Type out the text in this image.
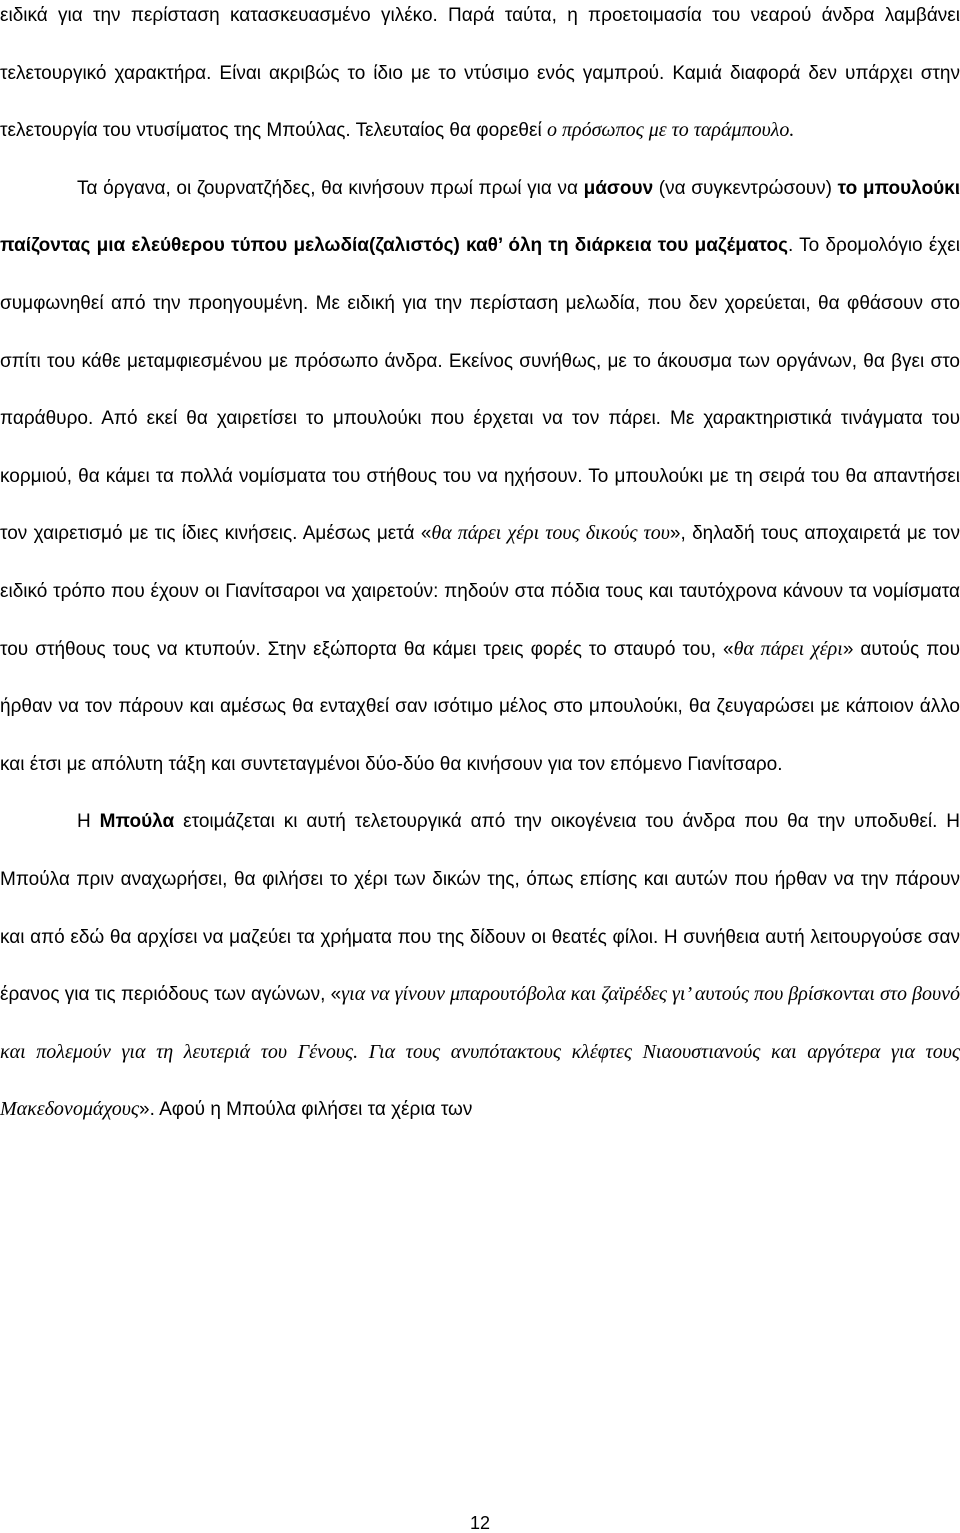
ειδικά για την περίσταση κατασκευασμένο γιλέκο. Παρά ταύτα, η προετοιμασία του νεαρού άνδρα λαμβάνει τελετουργικό χαρακτήρα. Είναι ακριβώς το ίδιο με το ντύσιμο ενός γαμπρού. Καμιά διαφορά δεν υπάρχει στην τελετουργία του ντυσίματος της Μπούλας. Τελευταίος θα φορεθεί ο πρόσωπος με το ταράμπουλο.

Τα όργανα, οι ζουρνατζήδες, θα κινήσουν πρωί πρωί για να μάσουν (να συγκεντρώσουν) το μπουλούκι παίζοντας μια ελεύθερου τύπου μελωδία(ζαλιστός) καθ’ όλη τη διάρκεια του μαζέματος. Το δρομολόγιο έχει συμφωνηθεί από την προηγουμένη. Με ειδική για την περίσταση μελωδία, που δεν χορεύεται, θα φθάσουν στο σπίτι του κάθε μεταμφιεσμένου με πρόσωπο άνδρα. Εκείνος συνήθως, με το άκουσμα των οργάνων, θα βγει στο παράθυρο. Από εκεί θα χαιρετίσει το μπουλούκι που έρχεται να τον πάρει. Με χαρακτηριστικά τινάγματα του κορμιού, θα κάμει τα πολλά νομίσματα του στήθους του να ηχήσουν. Το μπουλούκι με τη σειρά του θα απαντήσει τον χαιρετισμό με τις ίδιες κινήσεις. Αμέσως μετά «θα πάρει χέρι τους δικούς του», δηλαδή τους αποχαιρετά με τον ειδικό τρόπο που έχουν οι Γιανίτσαροι να χαιρετούν: πηδούν στα πόδια τους και ταυτόχρονα κάνουν τα νομίσματα του στήθους τους να κτυπούν. Στην εξώπορτα θα κάμει τρεις φορές το σταυρό του, «θα πάρει χέρι» αυτούς που ήρθαν να τον πάρουν και αμέσως θα ενταχθεί σαν ισότιμο μέλος στο μπουλούκι, θα ζευγαρώσει με κάποιον άλλο και έτσι με απόλυτη τάξη και συντεταγμένοι δύο-δύο θα κινήσουν για τον επόμενο Γιανίτσαρο.

Η Μπούλα ετοιμάζεται κι αυτή τελετουργικά από την οικογένεια του άνδρα που θα την υποδυθεί. Η Μπούλα πριν αναχωρήσει, θα φιλήσει το χέρι των δικών της, όπως επίσης και αυτών που ήρθαν να την πάρουν και από εδώ θα αρχίσει να μαζεύει τα χρήματα που της δίδουν οι θεατές φίλοι. Η συνήθεια αυτή λειτουργούσε σαν έρανος για τις περιόδους των αγώνων, «για να γίνουν μπαρουτόβολα και ζαϊρέδες γι’ αυτούς που βρίσκονται στο βουνό και πολεμούν για τη λευτεριά του Γένους. Για τους ανυπότακτους κλέφτες Νιαουστιανούς και αργότερα για τους Μακεδονομάχους». Αφού η Μπούλα φιλήσει τα χέρια των

12
